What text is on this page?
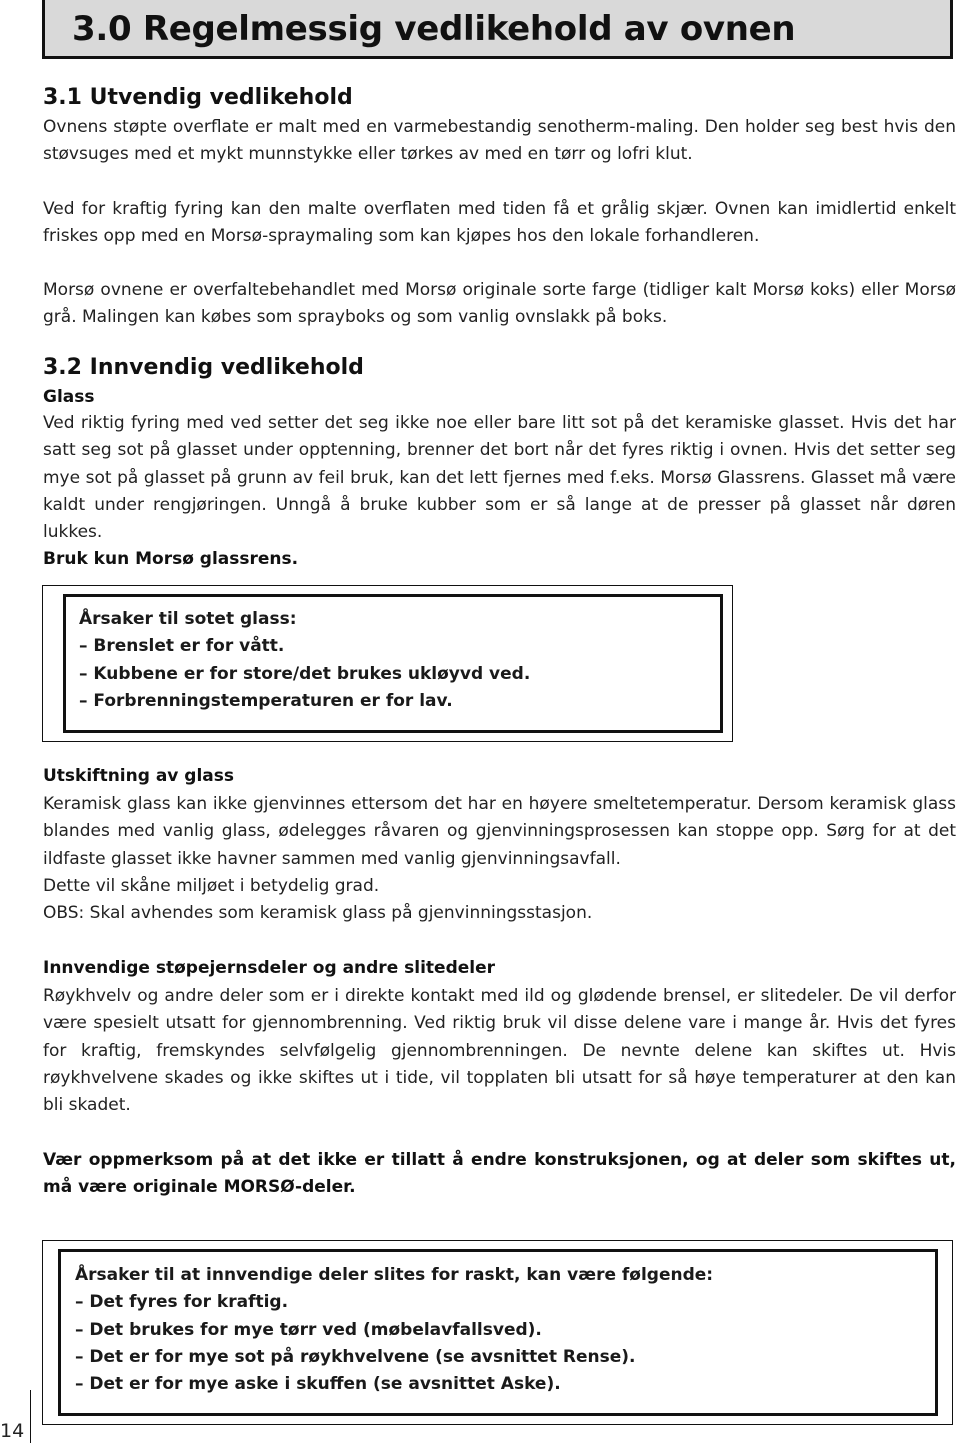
3.0 Regelmessig vedlikehold av ovnen
3.1 Utvendig vedlikehold

Ovnens støpte overflate er malt med en varmebestandig senotherm-maling. Den holder seg best hvis den støvsuges med et mykt munnstykke eller tørkes av med en tørr og lofri klut.

Ved for kraftig fyring kan den malte overflaten med tiden få et grålig skjær. Ovnen kan imidlertid enkelt friskes opp med en Morsø-spraymaling som kan kjøpes hos den lokale forhandleren.

Morsø ovnene er overfaltebehandlet med Morsø originale sorte farge (tidliger kalt Morsø koks) eller Morsø grå. Malingen kan købes som sprayboks og som vanlig ovnslakk på boks.

3.2 Innvendig vedlikehold
Glass

Ved riktig fyring med ved setter det seg ikke noe eller bare litt sot på det keramiske glasset. Hvis det har satt seg sot på glasset under opptenning, brenner det bort når det fyres riktig i ovnen. Hvis det setter seg mye sot på glasset på grunn av feil bruk, kan det lett fjernes med f.eks. Morsø Glassrens. Glasset må være kaldt under rengjøringen. Unngå å bruke kubber som er så lange at de presser på glasset når døren lukkes.

Bruk kun Morsø glassrens.

Årsaker til sotet glass:

– Brenslet er for vått.
– Kubbene er for store/det brukes ukløyvd ved.
– Forbrenningstemperaturen er for lav.
Utskiftning av glass

Keramisk glass kan ikke gjenvinnes ettersom det har en høyere smeltetemperatur. Dersom keramisk glass blandes med vanlig glass, ødelegges råvaren og gjenvinningsprosessen kan stoppe opp. Sørg for at det ildfaste glasset ikke havner sammen med vanlig gjenvinningsavfall.

Dette vil skåne miljøet i betydelig grad.

OBS: Skal avhendes som keramisk glass på gjenvinningsstasjon.

Innvendige støpejernsdeler og andre slitedeler

Røykhvelv og andre deler som er i direkte kontakt med ild og glødende brensel, er slitedeler. De vil derfor være spesielt utsatt for gjennombrenning. Ved riktig bruk vil disse delene vare i mange år. Hvis det fyres for kraftig, fremskyndes selvfølgelig gjennombrenningen. De nevnte delene kan skiftes ut. Hvis røykhvelvene skades og ikke skiftes ut i tide, vil topplaten bli utsatt for så høye temperaturer at den kan bli skadet.

Vær oppmerksom på at det ikke er tillatt å endre konstruksjonen, og at deler som skiftes ut, må være originale MORSØ-deler.

Årsaker til at innvendige deler slites for raskt, kan være følgende:

– Det fyres for kraftig.
– Det brukes for mye tørr ved (møbelavfallsved).
– Det er for mye sot på røykhvelvene (se avsnittet Rense).
– Det er for mye aske i skuffen (se avsnittet Aske).
14
